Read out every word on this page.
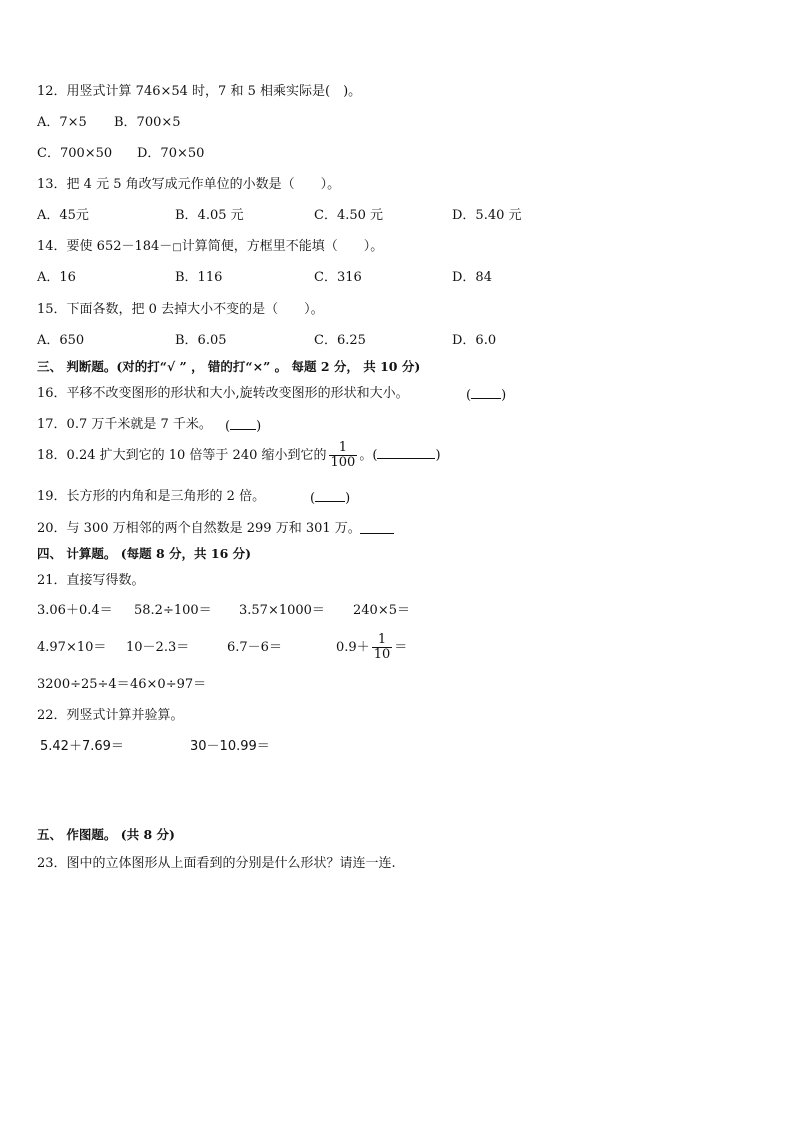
12．用竖式计算 746×54 时，7 和 5 相乘实际是(　)。
A．7×5 B．700×5
C．700×50 D．70×50
13．把 4 元 5 角改写成元作单位的小数是（　　）。
A．45元	B．4.05 元	C．4.50 元	D．5.40 元
14．要使 652－184－□计算简便，方框里不能填（　　）。
A．16	B．116	C．316	D．84
15．下面各数，把 0 去掉大小不变的是（　　）。
A．650	B．6.05	C．6.25	D．6.0
三、 判断题。(对的打“√ ” ， 错的打“×” 。 每题 2 分， 共 10 分)
16．平移不改变图形的形状和大小,旋转改变图形的形状和大小。	( )
17．0.7 万千米就是 7 千米。 ( )
18．0.24 扩大到它的 10 倍等于 240 缩小到它的 $\frac{1}{100}$ 。(	)
19．长方形的内角和是三角形的 2 倍。	( )
20．与 300 万相邻的两个自然数是 299 万和 301 万。
四、 计算题。 (每题 8 分，共 16 分)
21．直接写得数。
3.06＋0.4＝ 58.2÷100＝ 3.57×1000＝ 240×5＝
4.97×10＝ 10－2.3＝	6.7－6＝	$0.9+ \frac{1}{10}$ ＝
3200÷25÷4＝ 46×0÷97＝
22．列竖式计算并验算。
5.42＋7.69＝	30－10.99＝
五、 作图题。 (共 8 分)
23．图中的立体图形从上面看到的分别是什么形状？请连一连.
